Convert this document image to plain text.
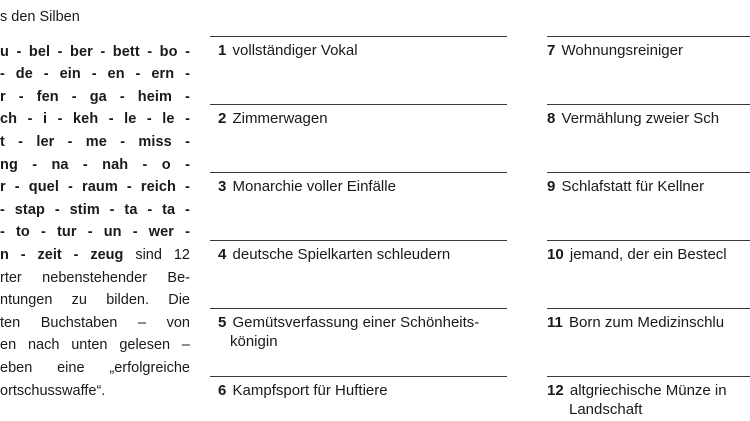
s den Silben
u - bel - ber - bett - bo -
- de - ein - en - ern -
r - fen - ga - heim -
ch - i - keh - le - le -
t - ler - me - miss -
ng - na - nah - o -
r - quel - raum - reich -
- stap - stim - ta - ta -
- to - tur - un - wer -
n - zeit - zeug sind 12
rter nebenstehender Be-
ntungen zu bilden. Die
ten Buchstaben – von
en nach unten gelesen –
eben eine „erfolgreiche
ortschusswaffe“.
1 vollständiger Vokal
2 Zimmerwagen
3 Monarchie voller Einfälle
4 deutsche Spielkarten schleudern
5 Gemütsverfassung einer Schönheits-
königin
6 Kampfsport für Huftiere
7 Wohnungsreiniger
8 Vermählung zweier Sch
9 Schlafstatt für Kellner
10 jemand, der ein Bestecl
11 Born zum Medizinschlu
12 altgriechische Münze in
Landschaft
